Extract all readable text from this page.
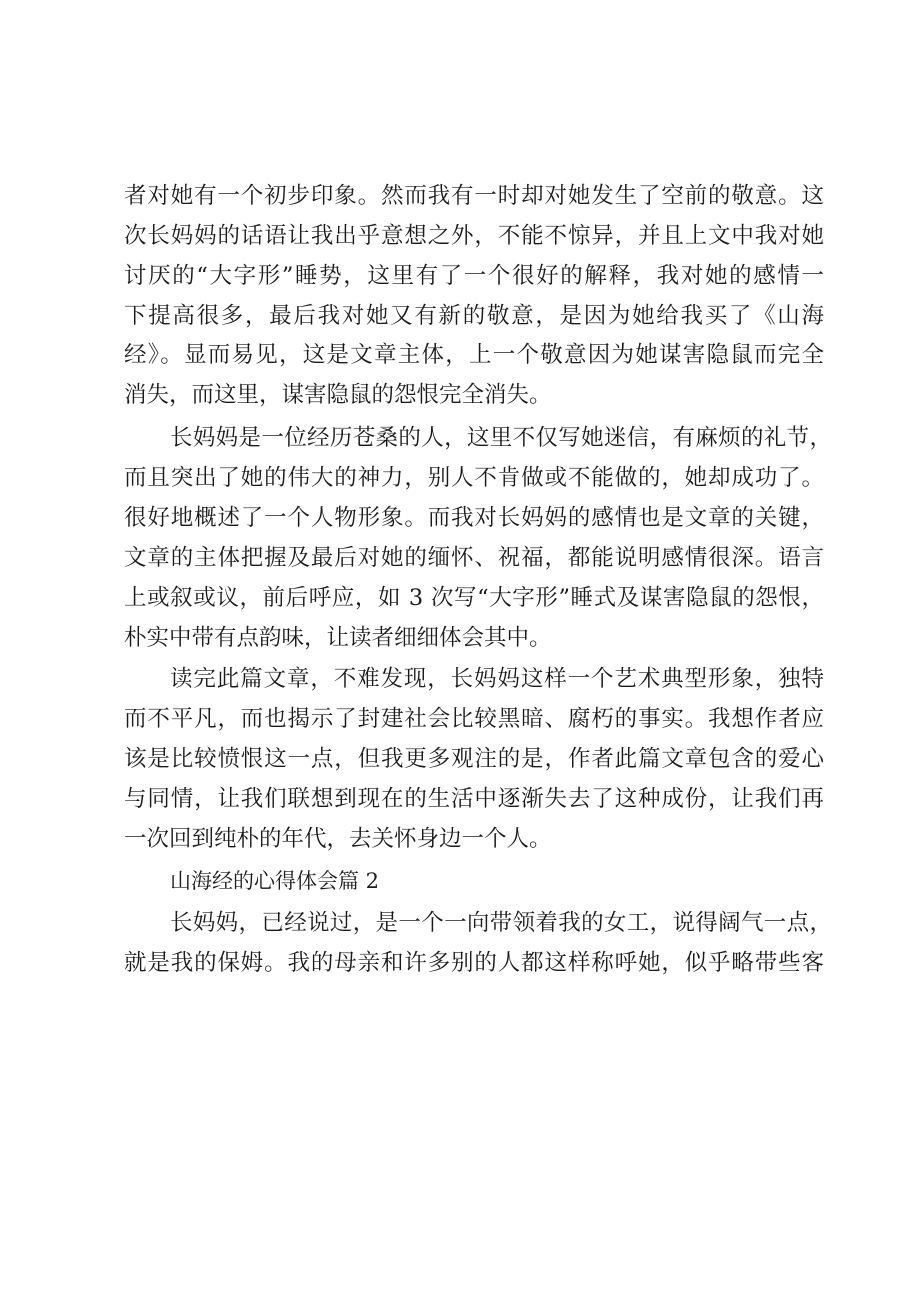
者对她有一个初步印象。然而我有一时却对她发生了空前的敬意。这
次长妈妈的话语让我出乎意想之外，不能不惊异，并且上文中我对她
讨厌的“大字形”睡势，这里有了一个很好的解释，我对她的感情一
下提高很多，最后我对她又有新的敬意，是因为她给我买了《山海
经》。显而易见，这是文章主体，上一个敬意因为她谋害隐鼠而完全
消失，而这里，谋害隐鼠的怨恨完全消失。
长妈妈是一位经历苍桑的人，这里不仅写她迷信，有麻烦的礼节，
而且突出了她的伟大的神力，别人不肯做或不能做的，她却成功了。
很好地概述了一个人物形象。而我对长妈妈的感情也是文章的关键，
文章的主体把握及最后对她的缅怀、祝福，都能说明感情很深。语言
上或叙或议，前后呼应，如 3 次写“大字形”睡式及谋害隐鼠的怨恨，
朴实中带有点韵味，让读者细细体会其中。
读完此篇文章，不难发现，长妈妈这样一个艺术典型形象，独特
而不平凡，而也揭示了封建社会比较黑暗、腐朽的事实。我想作者应
该是比较愤恨这一点，但我更多观注的是，作者此篇文章包含的爱心
与同情，让我们联想到现在的生活中逐渐失去了这种成份，让我们再
一次回到纯朴的年代，去关怀身边一个人。
山海经的心得体会篇 2
长妈妈，已经说过，是一个一向带领着我的女工，说得阔气一点，
就是我的保姆。我的母亲和许多别的人都这样称呼她，似乎略带些客
